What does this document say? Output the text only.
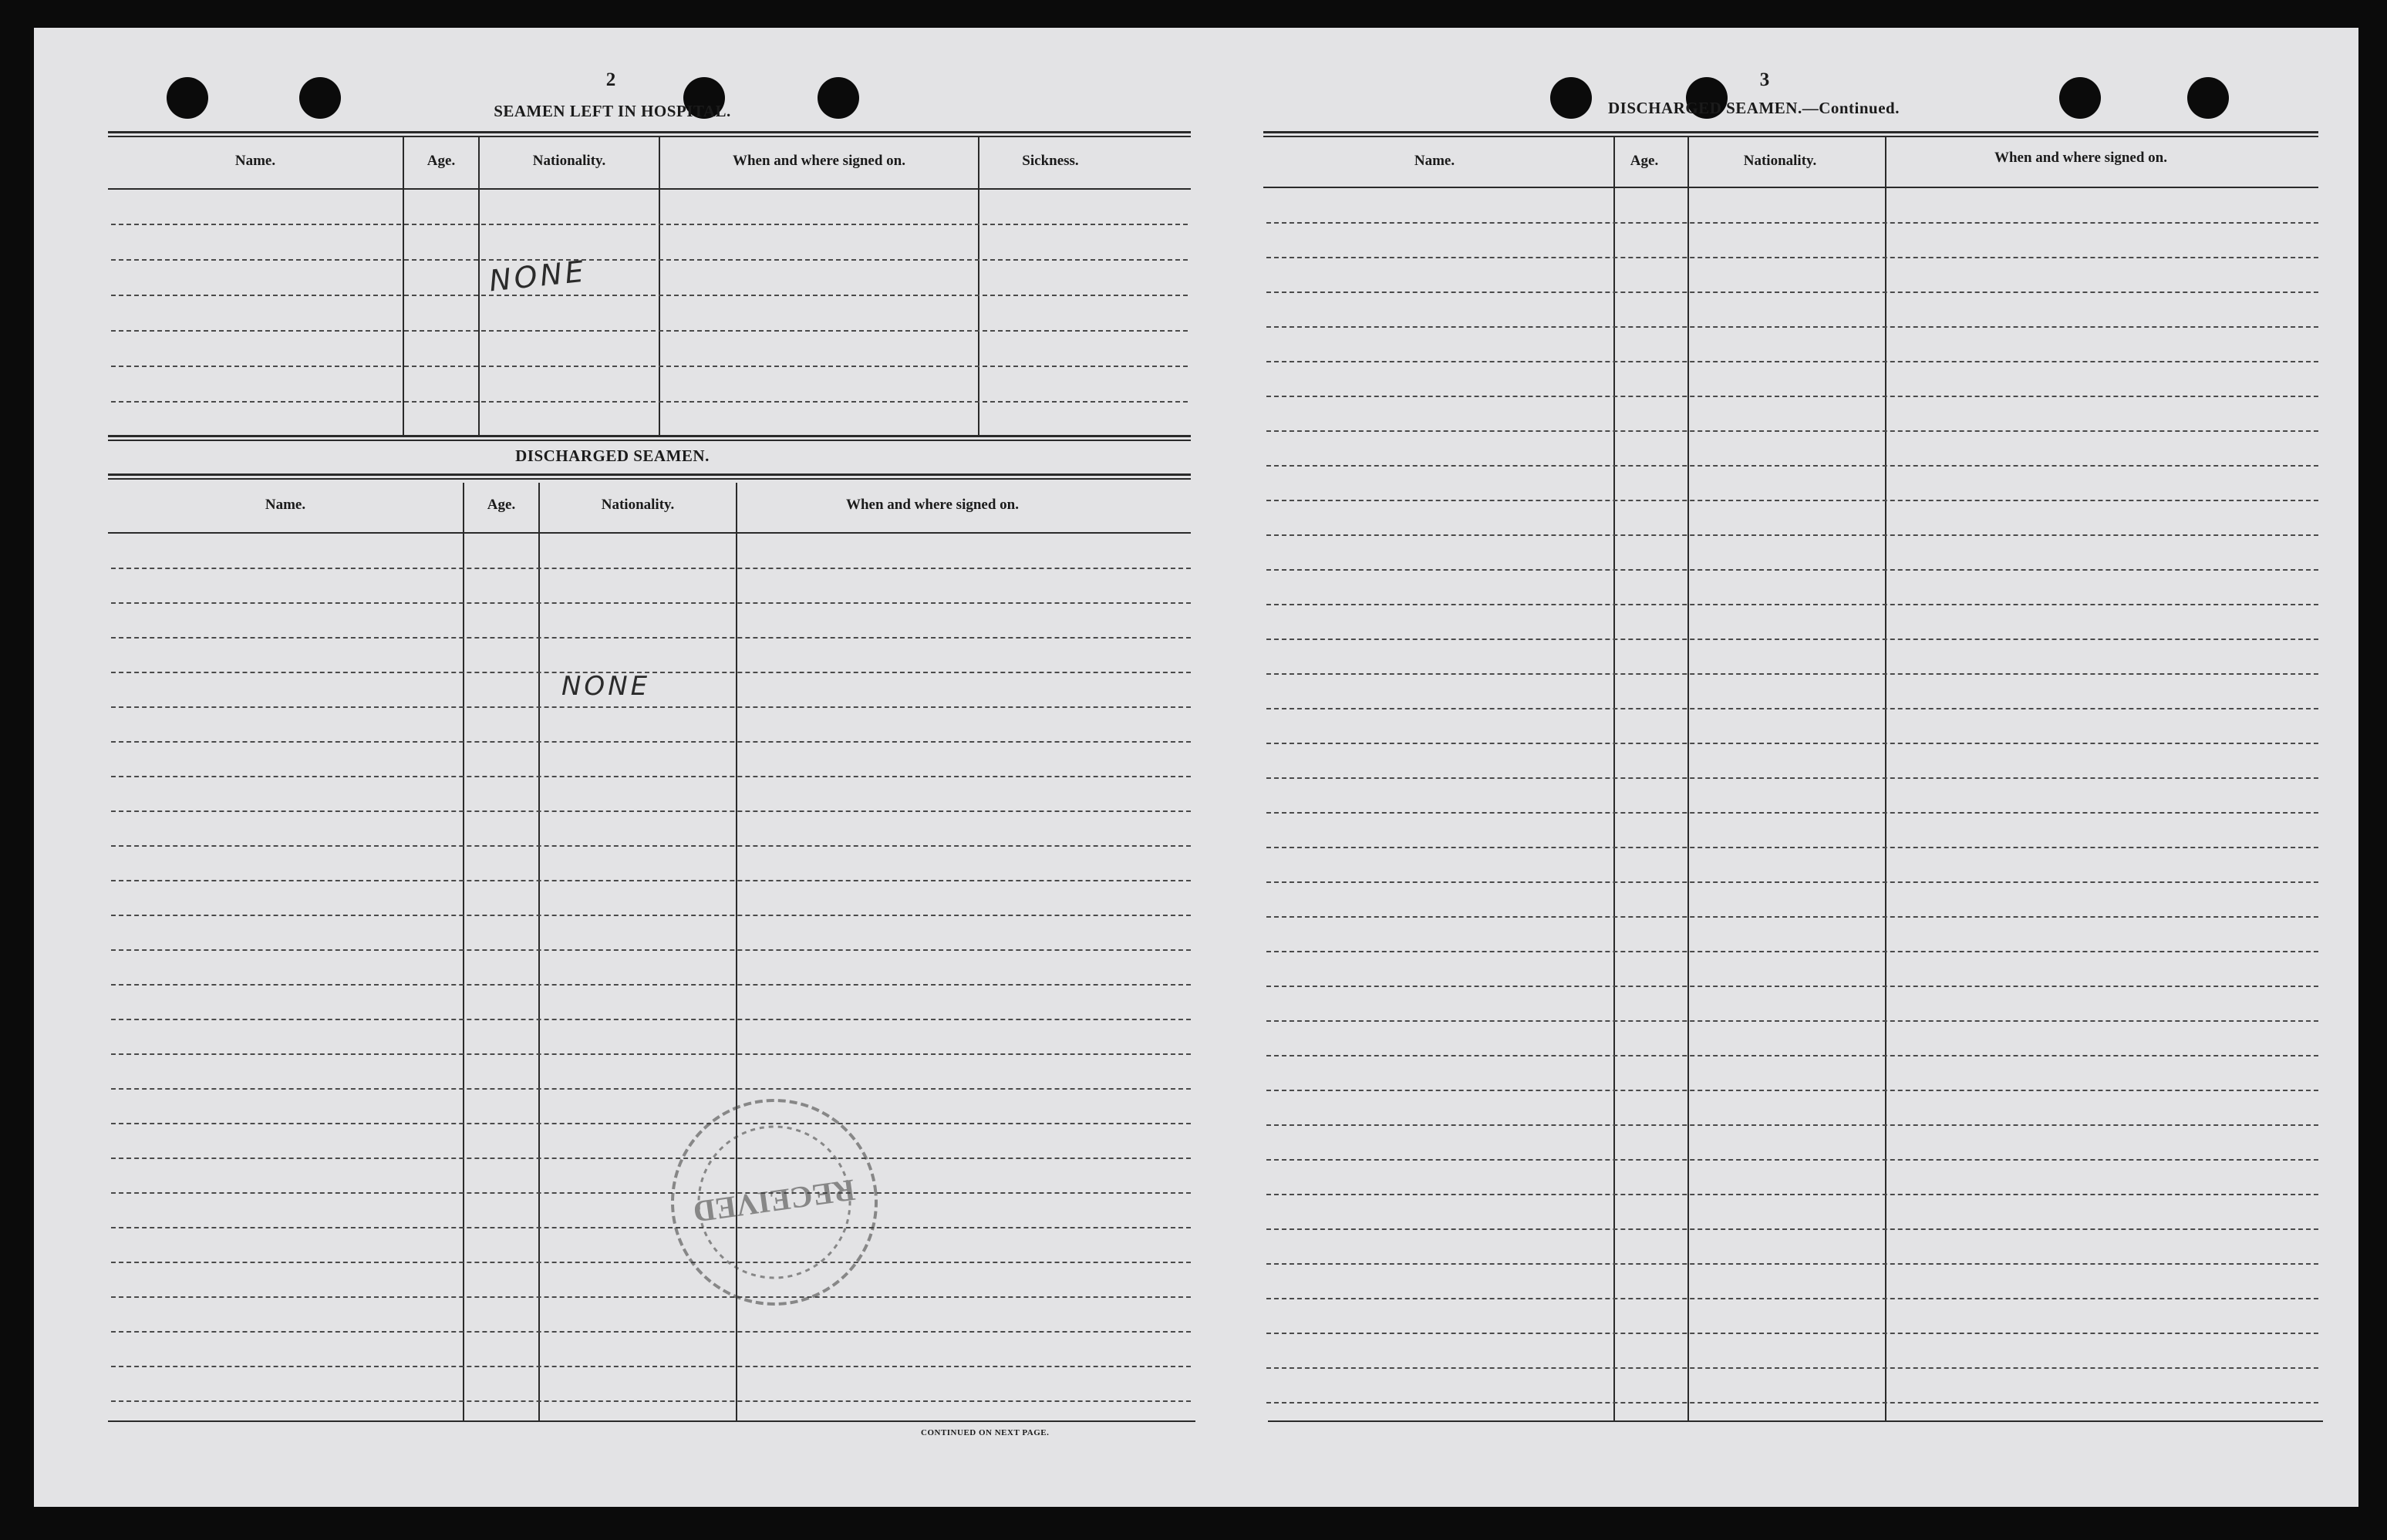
2
SEAMEN LEFT IN HOSPITAL.
Name.	Age.	Nationality.	When and where signed on.	Sickness.
NONE
DISCHARGED SEAMEN.
Name.	Age.	Nationality.	When and where signed on.
NONE
CONTINUED ON NEXT PAGE.
RECEIVED
3
DISCHARGED SEAMEN.—Continued.
Name.	Age.	Nationality.	When and where signed on.
